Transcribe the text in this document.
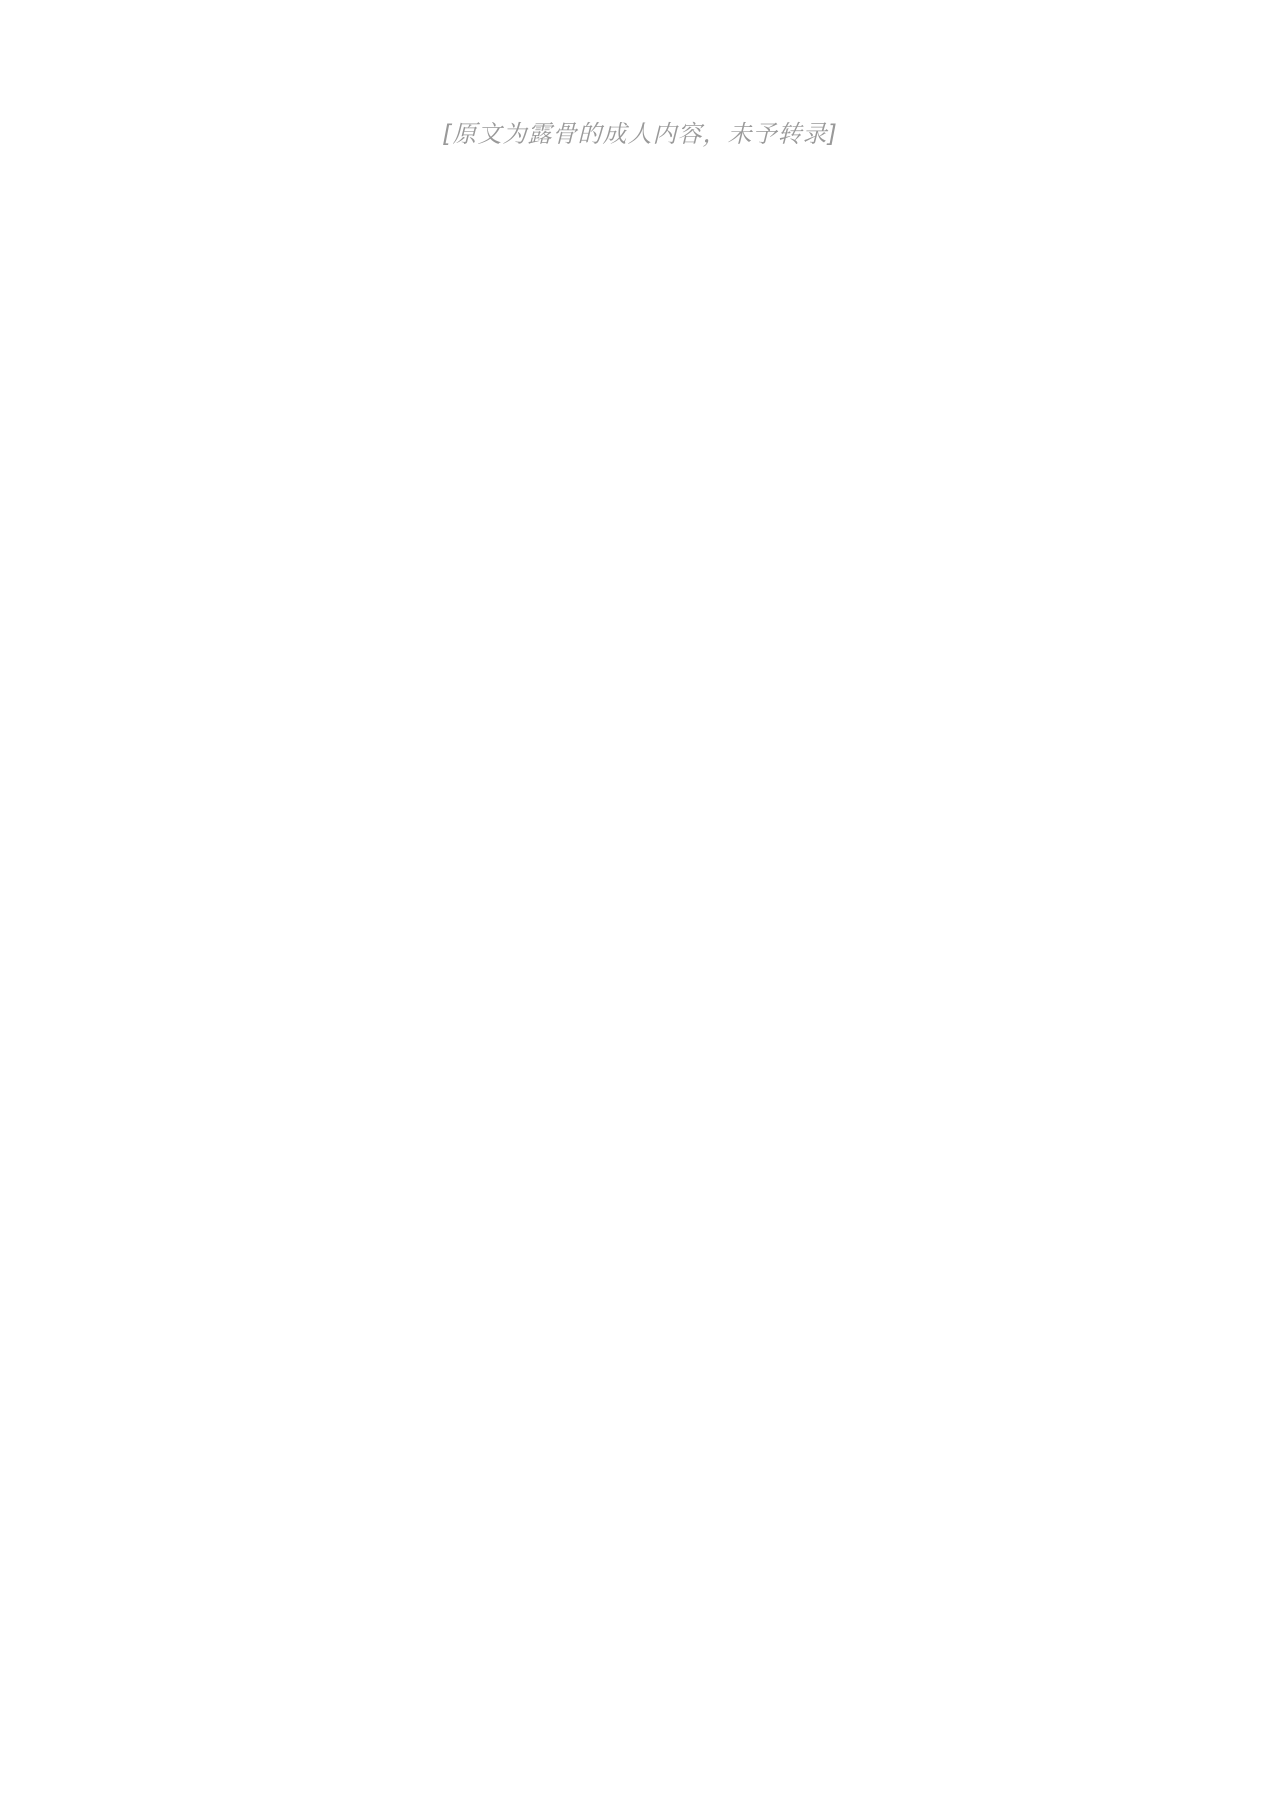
[原文为露骨的成人内容，未予转录]
